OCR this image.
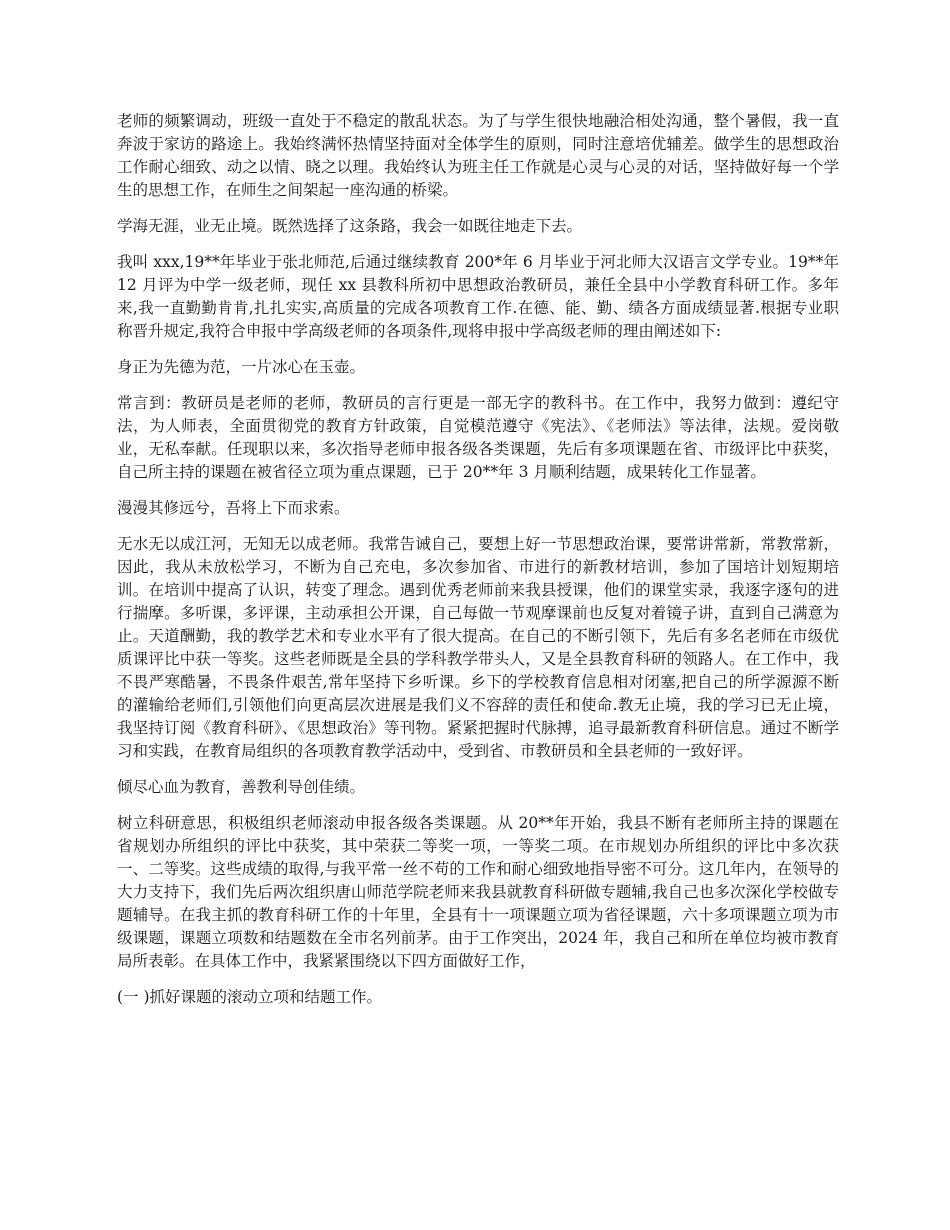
老师的频繁调动，班级一直处于不稳定的散乱状态。为了与学生很快地融洽相处沟通，整个暑假，我一直奔波于家访的路途上。我始终满怀热情坚持面对全体学生的原则，同时注意培优辅差。做学生的思想政治工作耐心细致、动之以情、晓之以理。我始终认为班主任工作就是心灵与心灵的对话，坚持做好每一个学生的思想工作，在师生之间架起一座沟通的桥梁。

学海无涯，业无止境。既然选择了这条路，我会一如既往地走下去。

我叫 xxx,19**年毕业于张北师范,后通过继续教育 200*年 6 月毕业于河北师大汉语言文学专业。19**年 12 月评为中学一级老师，现任 xx 县教科所初中思想政治教研员，兼任全县中小学教育科研工作。多年来,我一直勤勤肯肯,扎扎实实,高质量的完成各项教育工作.在德、能、勤、绩各方面成绩显著.根据专业职称晋升规定,我符合申报中学高级老师的各项条件,现将申报中学高级老师的理由阐述如下:

身正为先德为范，一片冰心在玉壶。

常言到：教研员是老师的老师，教研员的言行更是一部无字的教科书。在工作中，我努力做到：遵纪守法，为人师表，全面贯彻党的教育方针政策，自觉模范遵守《宪法》、《老师法》等法律，法规。爱岗敬业，无私奉献。任现职以来，多次指导老师申报各级各类课题，先后有多项课题在省、市级评比中获奖，自己所主持的课题在被省径立项为重点课题，已于 20**年 3 月顺利结题，成果转化工作显著。

漫漫其修远兮，吾将上下而求索。

无水无以成江河，无知无以成老师。我常告诫自己，要想上好一节思想政治课，要常讲常新，常教常新，因此，我从未放松学习，不断为自己充电，多次参加省、市进行的新教材培训，参加了国培计划短期培训。在培训中提高了认识，转变了理念。遇到优秀老师前来我县授课，他们的课堂实录，我逐字逐句的进行揣摩。多听课，多评课，主动承担公开课，自己每做一节观摩课前也反复对着镜子讲，直到自己满意为止。天道酬勤，我的教学艺术和专业水平有了很大提高。在自己的不断引领下，先后有多名老师在市级优质课评比中获一等奖。这些老师既是全县的学科教学带头人，又是全县教育科研的领路人。在工作中，我不畏严寒酷暑，不畏条件艰苦,常年坚持下乡听课。乡下的学校教育信息相对闭塞,把自己的所学源源不断的灌输给老师们,引领他们向更高层次进展是我们义不容辞的责任和使命.教无止境，我的学习已无止境，我坚持订阅《教育科研》、《思想政治》等刊物。紧紧把握时代脉搏，追寻最新教育科研信息。通过不断学习和实践，在教育局组织的各项教育教学活动中，受到省、市教研员和全县老师的一致好评。

倾尽心血为教育，善教利导创佳绩。

树立科研意思，积极组织老师滚动申报各级各类课题。从 20**年开始，我县不断有老师所主持的课题在省规划办所组织的评比中获奖，其中荣获二等奖一项，一等奖二项。在市规划办所组织的评比中多次获一、二等奖。这些成绩的取得,与我平常一丝不苟的工作和耐心细致地指导密不可分。这几年内，在领导的大力支持下，我们先后两次组织唐山师范学院老师来我县就教育科研做专题辅,我自己也多次深化学校做专题辅导。在我主抓的教育科研工作的十年里，全县有十一项课题立项为省径课题，六十多项课题立项为市级课题，课题立项数和结题数在全市名列前茅。由于工作突出，2024 年，我自己和所在单位均被市教育局所表彰。在具体工作中，我紧紧围绕以下四方面做好工作，

(一 )抓好课题的滚动立项和结题工作。
